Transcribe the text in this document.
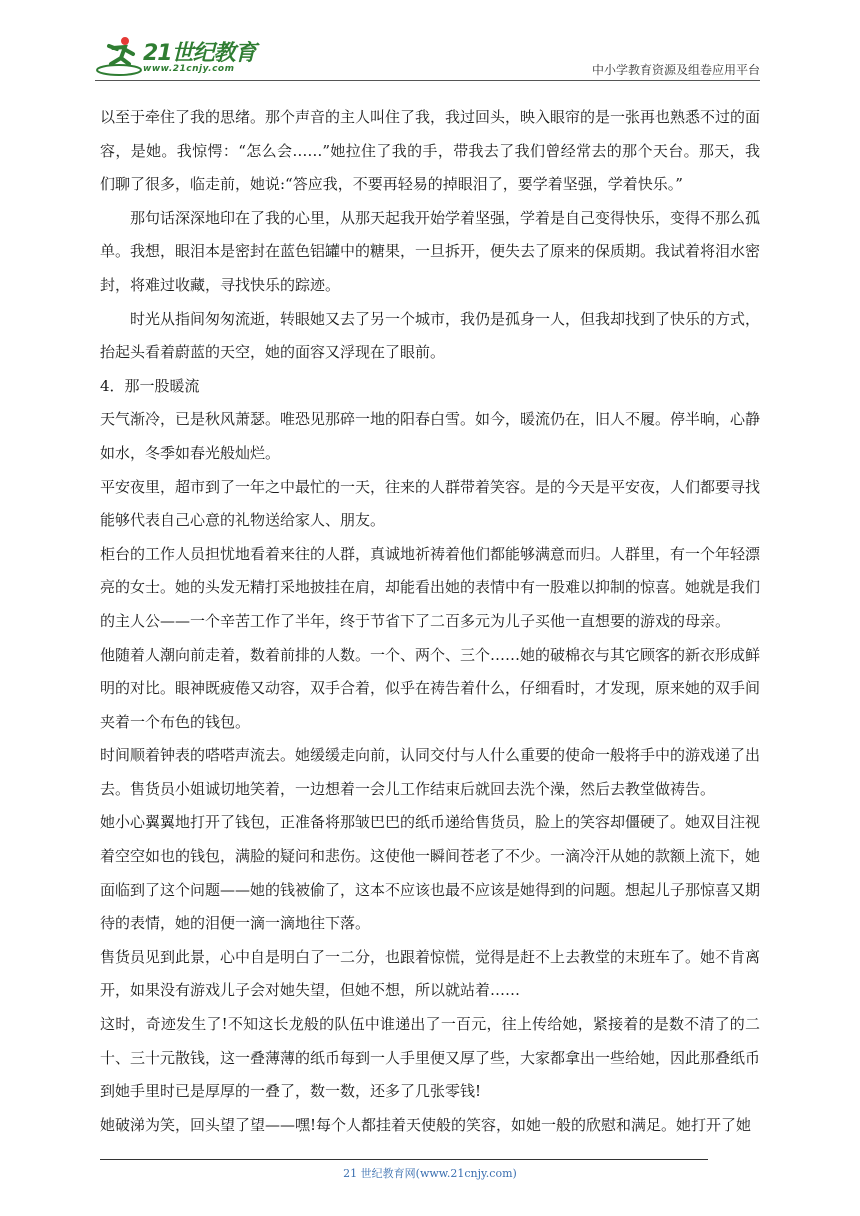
21世纪教育
www.21cnjy.com	中小学教育资源及组卷应用平台

以至于牵住了我的思绪。那个声音的主人叫住了我，我过回头，映入眼帘的是一张再也熟悉不过的面容，是她。我惊愕：“怎么会……”她拉住了我的手，带我去了我们曾经常去的那个天台。那天，我们聊了很多，临走前，她说:“答应我，不要再轻易的掉眼泪了，要学着坚强，学着快乐。”

那句话深深地印在了我的心里，从那天起我开始学着坚强，学着是自己变得快乐，变得不那么孤单。我想，眼泪本是密封在蓝色铝罐中的糖果，一旦拆开，便失去了原来的保质期。我试着将泪水密封，将难过收藏，寻找快乐的踪迹。

时光从指间匆匆流逝，转眼她又去了另一个城市，我仍是孤身一人，但我却找到了快乐的方式，抬起头看着蔚蓝的天空，她的面容又浮现在了眼前。

4．那一股暖流

天气渐冷，已是秋风萧瑟。唯恐见那碎一地的阳春白雪。如今，暖流仍在，旧人不履。停半晌，心静如水，冬季如春光般灿烂。

平安夜里，超市到了一年之中最忙的一天，往来的人群带着笑容。是的今天是平安夜，人们都要寻找能够代表自己心意的礼物送给家人、朋友。

柜台的工作人员担忧地看着来往的人群，真诚地祈祷着他们都能够满意而归。人群里，有一个年轻漂亮的女士。她的头发无精打采地披挂在肩，却能看出她的表情中有一股难以抑制的惊喜。她就是我们的主人公——一个辛苦工作了半年，终于节省下了二百多元为儿子买他一直想要的游戏的母亲。

他随着人潮向前走着，数着前排的人数。一个、两个、三个……她的破棉衣与其它顾客的新衣形成鲜明的对比。眼神既疲倦又动容，双手合着，似乎在祷告着什么，仔细看时，才发现，原来她的双手间夹着一个布色的钱包。

时间顺着钟表的嗒嗒声流去。她缓缓走向前，认同交付与人什么重要的使命一般将手中的游戏递了出去。售货员小姐诚切地笑着，一边想着一会儿工作结束后就回去洗个澡，然后去教堂做祷告。

她小心翼翼地打开了钱包，正准备将那皱巴巴的纸币递给售货员，脸上的笑容却僵硬了。她双目注视着空空如也的钱包，满脸的疑问和悲伤。这使他一瞬间苍老了不少。一滴冷汗从她的款额上流下，她面临到了这个问题——她的钱被偷了，这本不应该也最不应该是她得到的问题。想起儿子那惊喜又期待的表情，她的泪便一滴一滴地往下落。

售货员见到此景，心中自是明白了一二分，也跟着惊慌，觉得是赶不上去教堂的末班车了。她不肯离开，如果没有游戏儿子会对她失望，但她不想，所以就站着……

这时，奇迹发生了!不知这长龙般的队伍中谁递出了一百元，往上传给她，紧接着的是数不清了的二十、三十元散钱，这一叠薄薄的纸币每到一人手里便又厚了些，大家都拿出一些给她，因此那叠纸币到她手里时已是厚厚的一叠了，数一数，还多了几张零钱!

她破涕为笑，回头望了望——嘿!每个人都挂着天使般的笑容，如她一般的欣慰和满足。她打开了她

21 世纪教育网(www.21cnjy.com)
